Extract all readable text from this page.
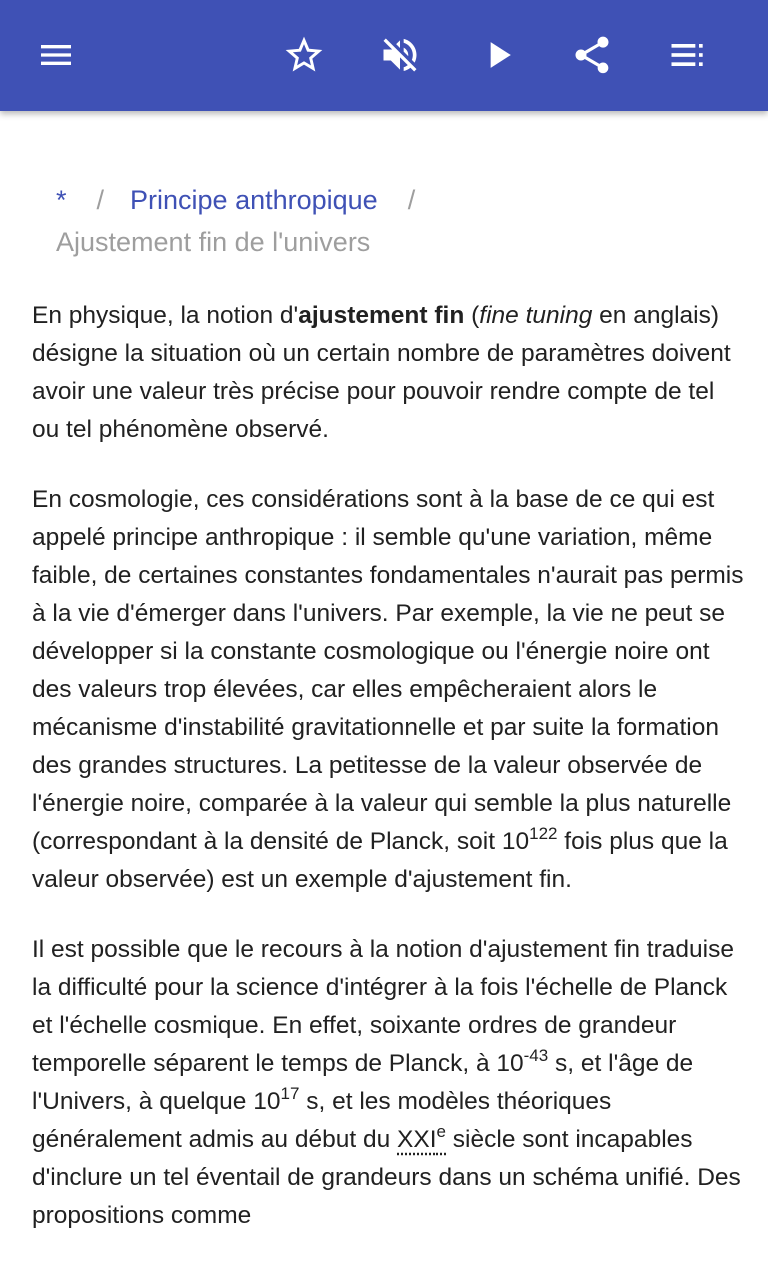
* / Principe anthropique /
Ajustement fin de l'univers

En physique, la notion d'ajustement fin (fine tuning en anglais) désigne la situation où un certain nombre de paramètres doivent avoir une valeur très précise pour pouvoir rendre compte de tel ou tel phénomène observé.

En cosmologie, ces considérations sont à la base de ce qui est appelé principe anthropique : il semble qu'une variation, même faible, de certaines constantes fondamentales n'aurait pas permis à la vie d'émerger dans l'univers. Par exemple, la vie ne peut se développer si la constante cosmologique ou l'énergie noire ont des valeurs trop élevées, car elles empêcheraient alors le mécanisme d'instabilité gravitationnelle et par suite la formation des grandes structures. La petitesse de la valeur observée de l'énergie noire, comparée à la valeur qui semble la plus naturelle (correspondant à la densité de Planck, soit $10^{122}$ fois plus que la valeur observée) est un exemple d'ajustement fin.

Il est possible que le recours à la notion d'ajustement fin traduise la difficulté pour la science d'intégrer à la fois l'échelle de Planck et l'échelle cosmique. En effet, soixante ordres de grandeur temporelle séparent le temps de Planck, à $10^{-43}$ s, et l'âge de l'Univers, à quelque $10^{17}$ s, et les modèles théoriques généralement admis au début du XXIe siècle sont incapables d'inclure un tel éventail de grandeurs dans un schéma unifié. Des propositions comme
